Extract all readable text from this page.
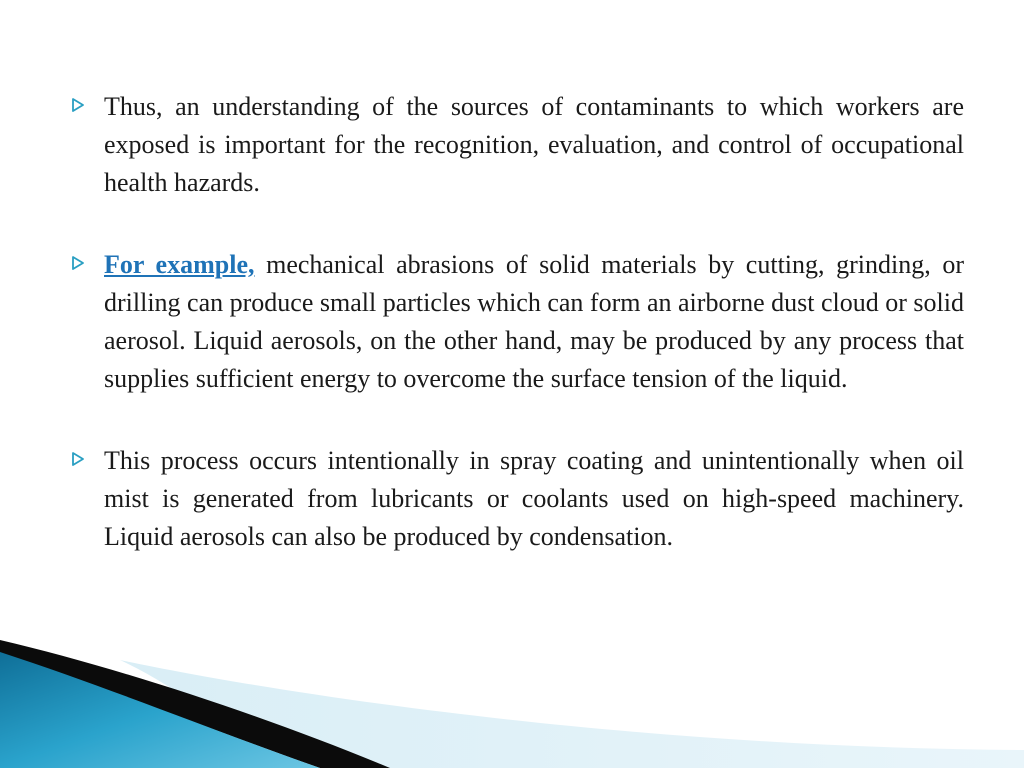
Thus, an understanding of the sources of contaminants to which workers are exposed is important for the recognition, evaluation, and control of occupational health hazards.

For example, mechanical abrasions of solid materials by cutting, grinding, or drilling can produce small particles which can form an airborne dust cloud or solid aerosol. Liquid aerosols, on the other hand, may be produced by any process that supplies sufficient energy to overcome the surface tension of the liquid.

This process occurs intentionally in spray coating and unintentionally when oil mist is generated from lubricants or coolants used on high-speed machinery. Liquid aerosols can also be produced by condensation.
